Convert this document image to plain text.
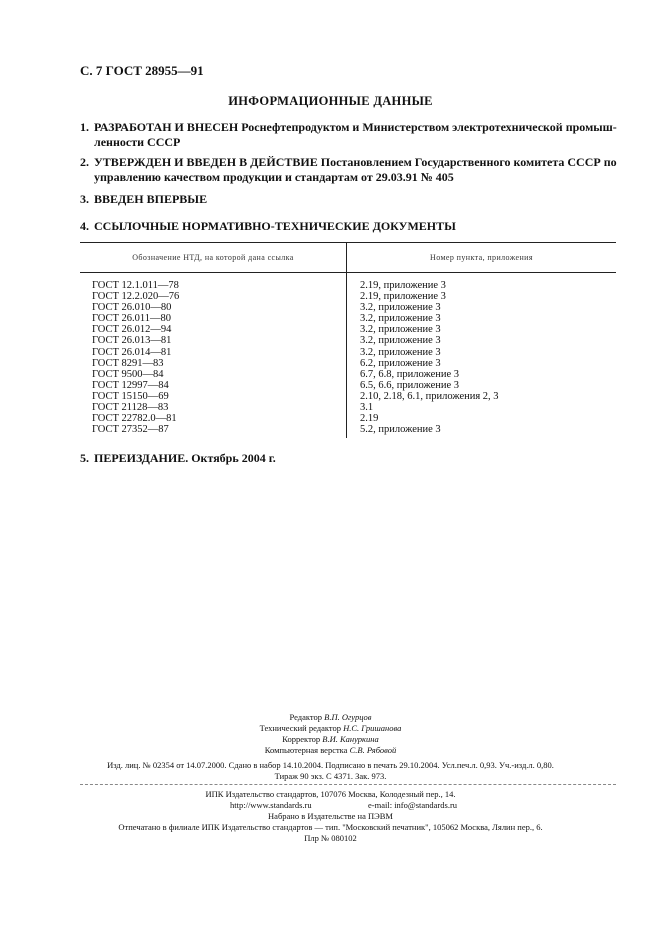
С. 7 ГОСТ 28955—91
ИНФОРМАЦИОННЫЕ ДАННЫЕ
1. РАЗРАБОТАН И ВНЕСЕН Роснефтепродуктом и Министерством электротехнической промыш-
ленности СССР
2. УТВЕРЖДЕН И ВВЕДЕН В ДЕЙСТВИЕ Постановлением Государственного комитета СССР по
управлению качеством продукции и стандартам от 29.03.91 № 405
3. ВВЕДЕН ВПЕРВЫЕ
4. ССЫЛОЧНЫЕ НОРМАТИВНО-ТЕХНИЧЕСКИЕ ДОКУМЕНТЫ
Обозначение НТД, на которой дана ссылка	Номер пункта, приложения
ГОСТ 12.1.011—78
ГОСТ 12.2.020—76
ГОСТ 26.010—80
ГОСТ 26.011—80
ГОСТ 26.012—94
ГОСТ 26.013—81
ГОСТ 26.014—81
ГОСТ 8291—83
ГОСТ 9500—84
ГОСТ 12997—84
ГОСТ 15150—69
ГОСТ 21128—83
ГОСТ 22782.0—81
ГОСТ 27352—87
2.19, приложение 3
2.19, приложение 3
3.2, приложение 3
3.2, приложение 3
3.2, приложение 3
3.2, приложение 3
3.2, приложение 3
6.2, приложение 3
6.7, 6.8, приложение 3
6.5, 6.6, приложение 3
2.10, 2.18, 6.1, приложения 2, 3
3.1
2.19
5.2, приложение 3
5. ПЕРЕИЗДАНИЕ. Октябрь 2004 г.
Редактор В.П. Огурцов
Технический редактор Н.С. Гришанова
Корректор В.И. Кануркина
Компьютерная верстка С.В. Рябовой
Изд. лиц. № 02354 от 14.07.2000. Сдано в набор 14.10.2004. Подписано в печать 29.10.2004. Усл.печ.л. 0,93. Уч.-изд.л. 0,80.
Тираж 90 экз. С 4371. Зак. 973.
ИПК Издательство стандартов, 107076 Москва, Колодезный пер., 14.
http://www.standards.ru	e-mail: info@standards.ru
Набрано в Издательстве на ПЭВМ
Отпечатано в филиале ИПК Издательство стандартов — тип. "Московский печатник", 105062 Москва, Лялин пер., 6.
Плр № 080102
